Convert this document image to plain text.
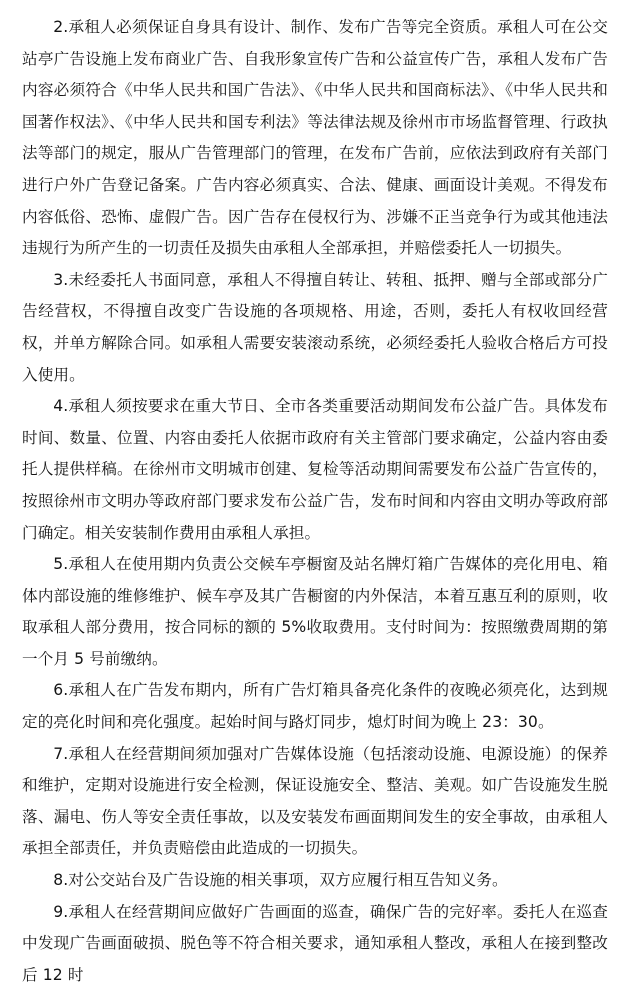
2.承租人必须保证自身具有设计、制作、发布广告等完全资质。承租人可在公交站亭广告设施上发布商业广告、自我形象宣传广告和公益宣传广告，承租人发布广告内容必须符合《中华人民共和国广告法》、《中华人民共和国商标法》、《中华人民共和国著作权法》、《中华人民共和国专利法》等法律法规及徐州市市场监督管理、行政执法等部门的规定，服从广告管理部门的管理，在发布广告前，应依法到政府有关部门进行户外广告登记备案。广告内容必须真实、合法、健康、画面设计美观。不得发布内容低俗、恐怖、虚假广告。因广告存在侵权行为、涉嫌不正当竞争行为或其他违法违规行为所产生的一切责任及损失由承租人全部承担，并赔偿委托人一切损失。

3.未经委托人书面同意，承租人不得擅自转让、转租、抵押、赠与全部或部分广告经营权，不得擅自改变广告设施的各项规格、用途，否则，委托人有权收回经营权，并单方解除合同。如承租人需要安装滚动系统，必须经委托人验收合格后方可投入使用。

4.承租人须按要求在重大节日、全市各类重要活动期间发布公益广告。具体发布时间、数量、位置、内容由委托人依据市政府有关主管部门要求确定，公益内容由委托人提供样稿。在徐州市文明城市创建、复检等活动期间需要发布公益广告宣传的，按照徐州市文明办等政府部门要求发布公益广告，发布时间和内容由文明办等政府部门确定。相关安装制作费用由承租人承担。

5.承租人在使用期内负责公交候车亭橱窗及站名牌灯箱广告媒体的亮化用电、箱体内部设施的维修维护、候车亭及其广告橱窗的内外保洁，本着互惠互利的原则，收取承租人部分费用，按合同标的额的 5%收取费用。支付时间为：按照缴费周期的第一个月 5 号前缴纳。

6.承租人在广告发布期内，所有广告灯箱具备亮化条件的夜晚必须亮化，达到规定的亮化时间和亮化强度。起始时间与路灯同步，熄灯时间为晚上 23：30。

7.承租人在经营期间须加强对广告媒体设施（包括滚动设施、电源设施）的保养和维护，定期对设施进行安全检测，保证设施安全、整洁、美观。如广告设施发生脱落、漏电、伤人等安全责任事故，以及安装发布画面期间发生的安全事故，由承租人承担全部责任，并负责赔偿由此造成的一切损失。

8.对公交站台及广告设施的相关事项，双方应履行相互告知义务。

9.承租人在经营期间应做好广告画面的巡查，确保广告的完好率。委托人在巡查中发现广告画面破损、脱色等不符合相关要求，通知承租人整改，承租人在接到整改后 12 时
